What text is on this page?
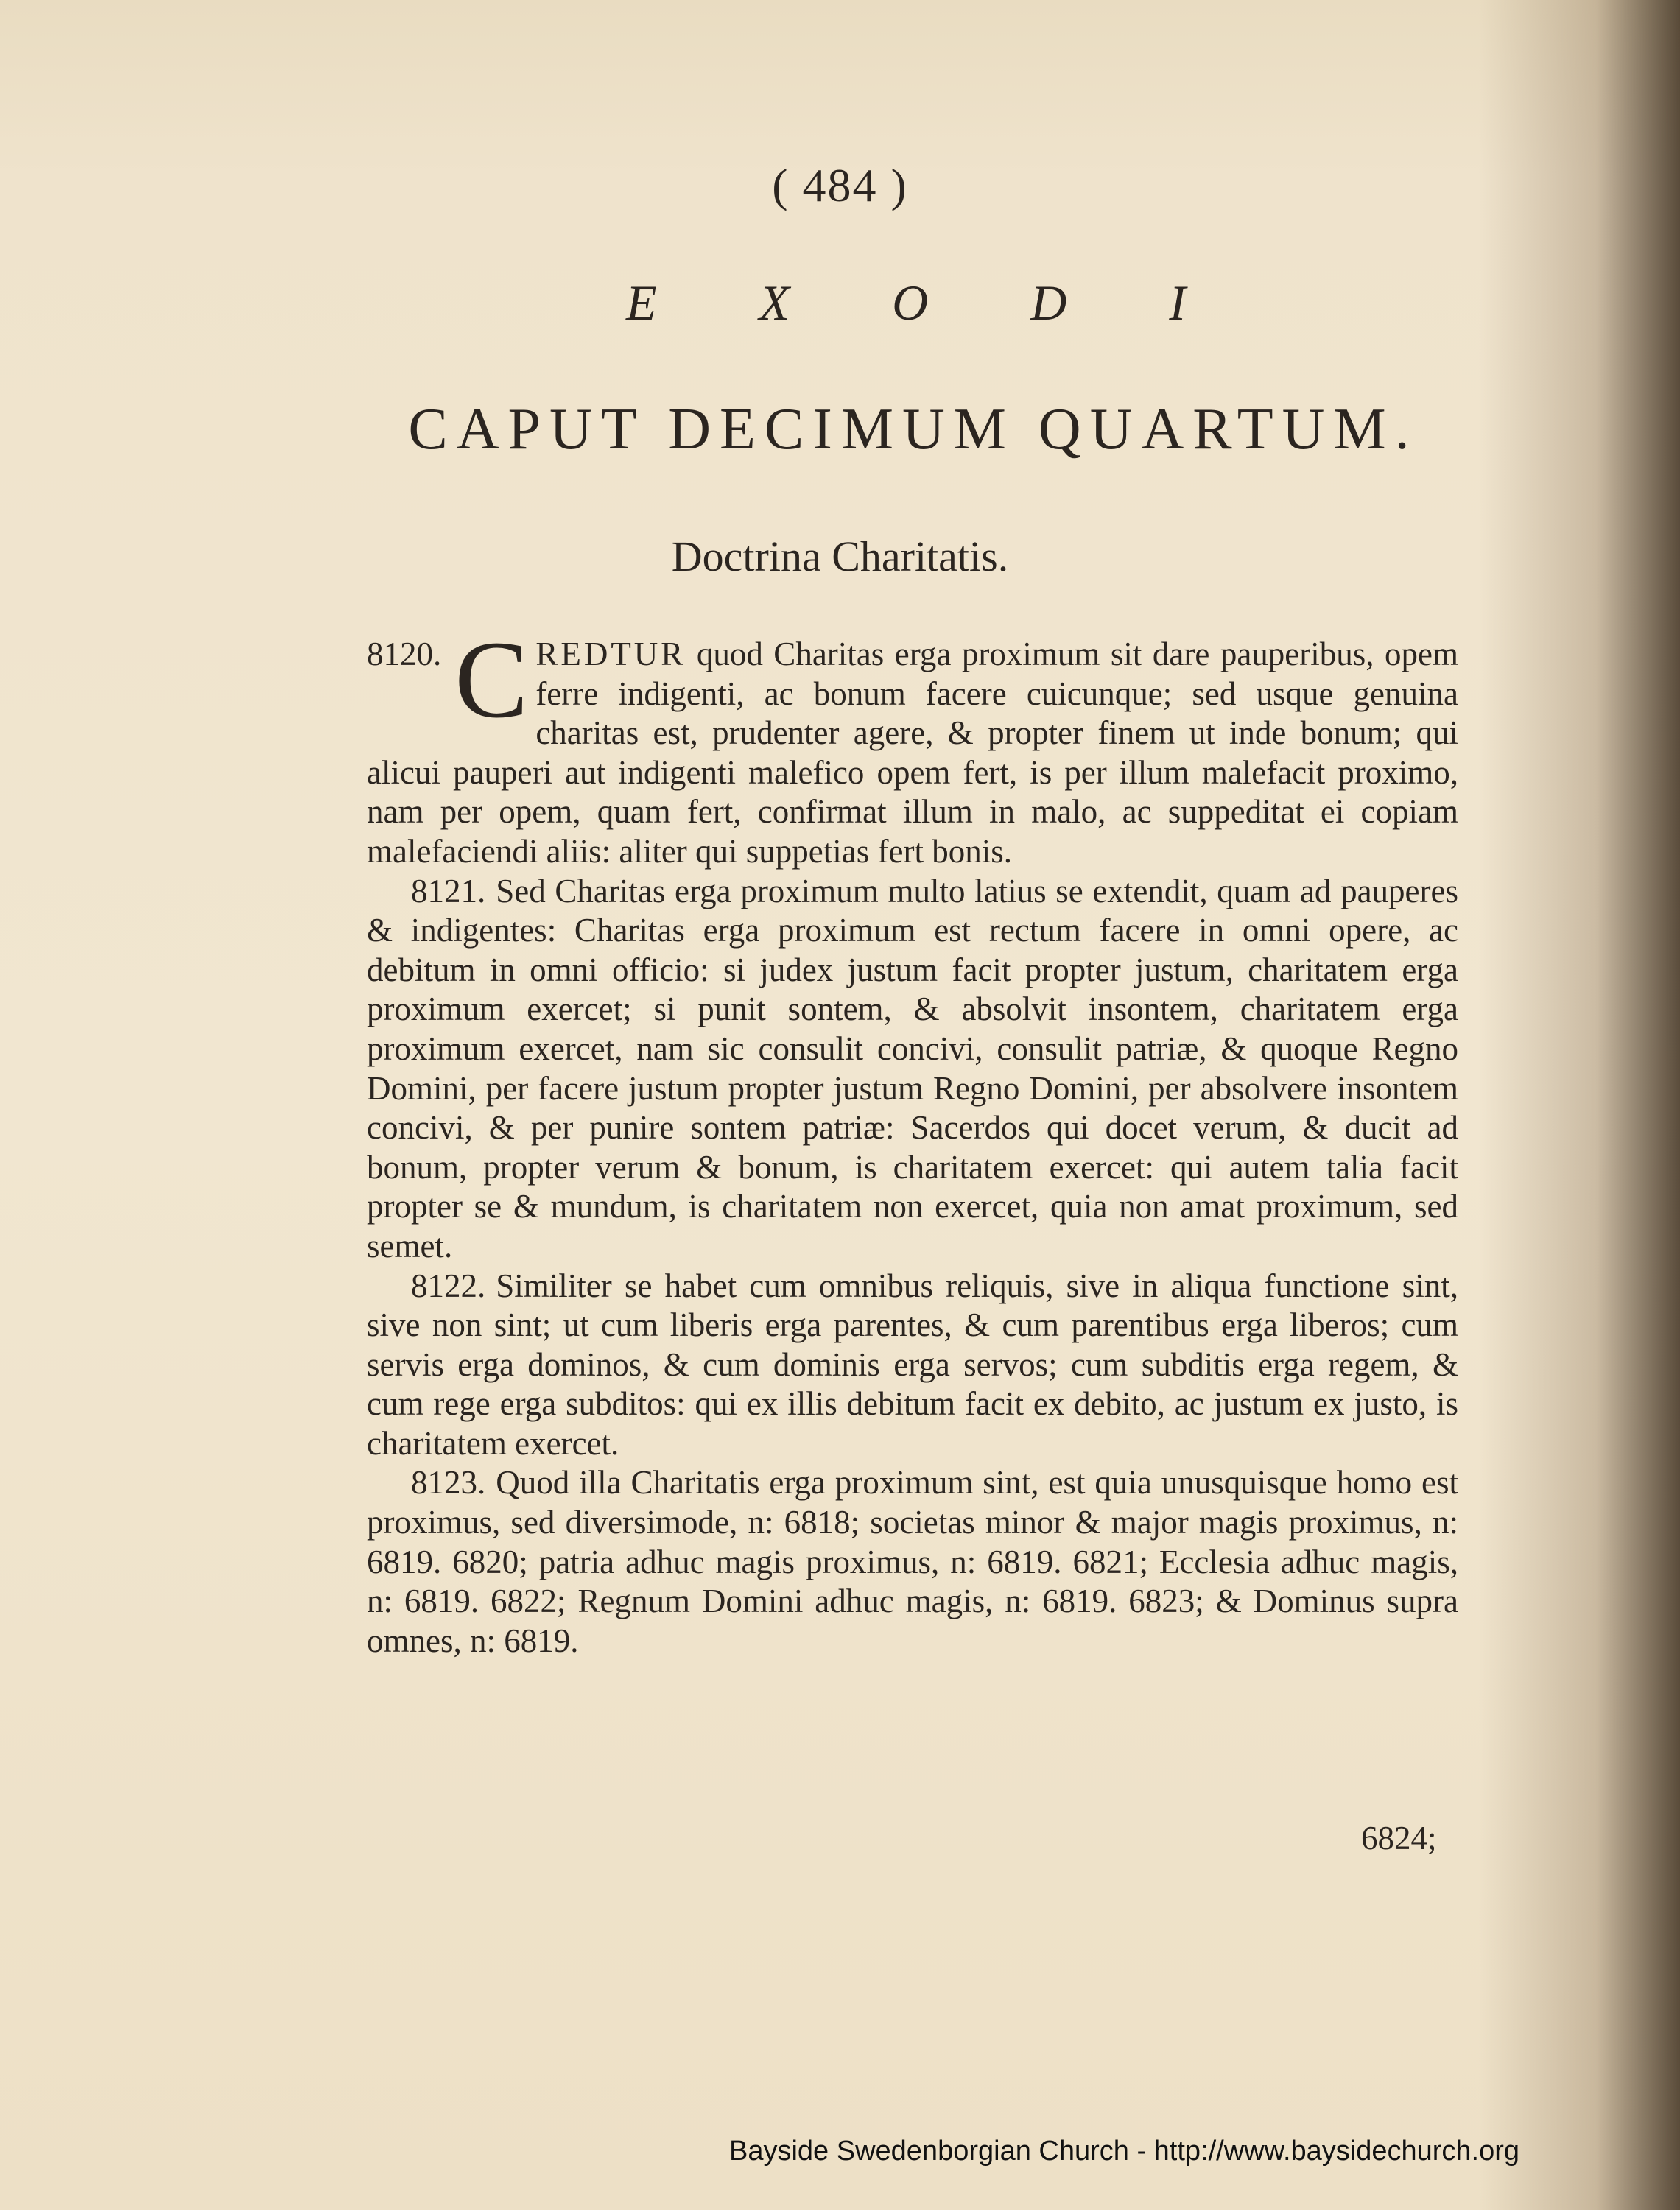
( 484 )
E X O D I
CAPUT DECIMUM QUARTUM.
Doctrina Charitatis.

8120. C REDTUR quod Charitas erga proximum sit dare pauperibus, opem ferre indigenti, ac bonum facere cuicunque; sed usque genuina charitas est, prudenter agere, & propter finem ut inde bonum; qui alicui pauperi aut indigenti malefico opem fert, is per illum malefacit proximo, nam per opem, quam fert, confirmat illum in malo, ac suppeditat ei copiam malefaciendi aliis: aliter qui suppetias fert bonis.

8121. Sed Charitas erga proximum multo latius se extendit, quam ad pauperes & indigentes: Charitas erga proximum est rectum facere in omni opere, ac debitum in omni officio: si judex justum facit propter justum, charitatem erga proximum exercet; si punit sontem, & absolvit insontem, charitatem erga proximum exercet, nam sic consulit concivi, consulit patriæ, & quoque Regno Domini, per facere justum propter justum Regno Domini, per absolvere insontem concivi, & per punire sontem patriæ: Sacerdos qui docet verum, & ducit ad bonum, propter verum & bonum, is charitatem exercet: qui autem talia facit propter se & mundum, is charitatem non exercet, quia non amat proximum, sed semet.

8122. Similiter se habet cum omnibus reliquis, sive in aliqua functione sint, sive non sint; ut cum liberis erga parentes, & cum parentibus erga liberos; cum servis erga dominos, & cum dominis erga servos; cum subditis erga regem, & cum rege erga subditos: qui ex illis debitum facit ex debito, ac justum ex justo, is charitatem exercet.

8123. Quod illa Charitatis erga proximum sint, est quia unusquisque homo est proximus, sed diversimode, n: 6818; societas minor & major magis proximus, n: 6819. 6820; patria adhuc magis proximus, n: 6819. 6821; Ecclesia adhuc magis, n: 6819. 6822; Regnum Domini adhuc magis, n: 6819. 6823; & Dominus supra omnes, n: 6819.

6824;
Bayside Swedenborgian Church - http://www.baysidechurch.org
